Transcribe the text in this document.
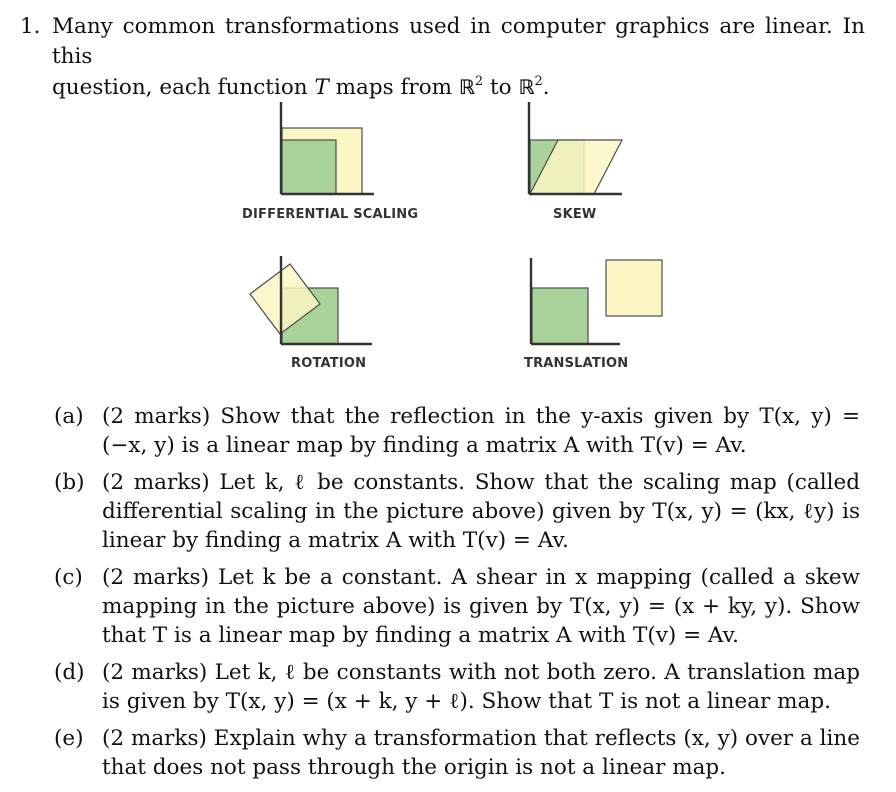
1. Many common transformations used in computer graphics are linear. In this
question, each function T maps from ℝ$^2$ to ℝ$^2$.
DIFFERENTIAL SCALING	SKEW
ROTATION	TRANSLATION
(a) (2 marks) Show that the reflection in the y-axis given by T(x, y) = (−x, y) is a linear map by finding a matrix A with T(v) = Av.
(b) (2 marks) Let k, ℓ be constants. Show that the scaling map (called differential scaling in the picture above) given by T(x, y) = (kx, ℓy) is linear by finding a matrix A with T(v) = Av.
(c) (2 marks) Let k be a constant. A shear in x mapping (called a skew mapping in the picture above) is given by T(x, y) = (x + ky, y). Show that T is a linear map by finding a matrix A with T(v) = Av.
(d) (2 marks) Let k, ℓ be constants with not both zero. A translation map is given by T(x, y) = (x + k, y + ℓ). Show that T is not a linear map.
(e) (2 marks) Explain why a transformation that reflects (x, y) over a line that does not pass through the origin is not a linear map.
